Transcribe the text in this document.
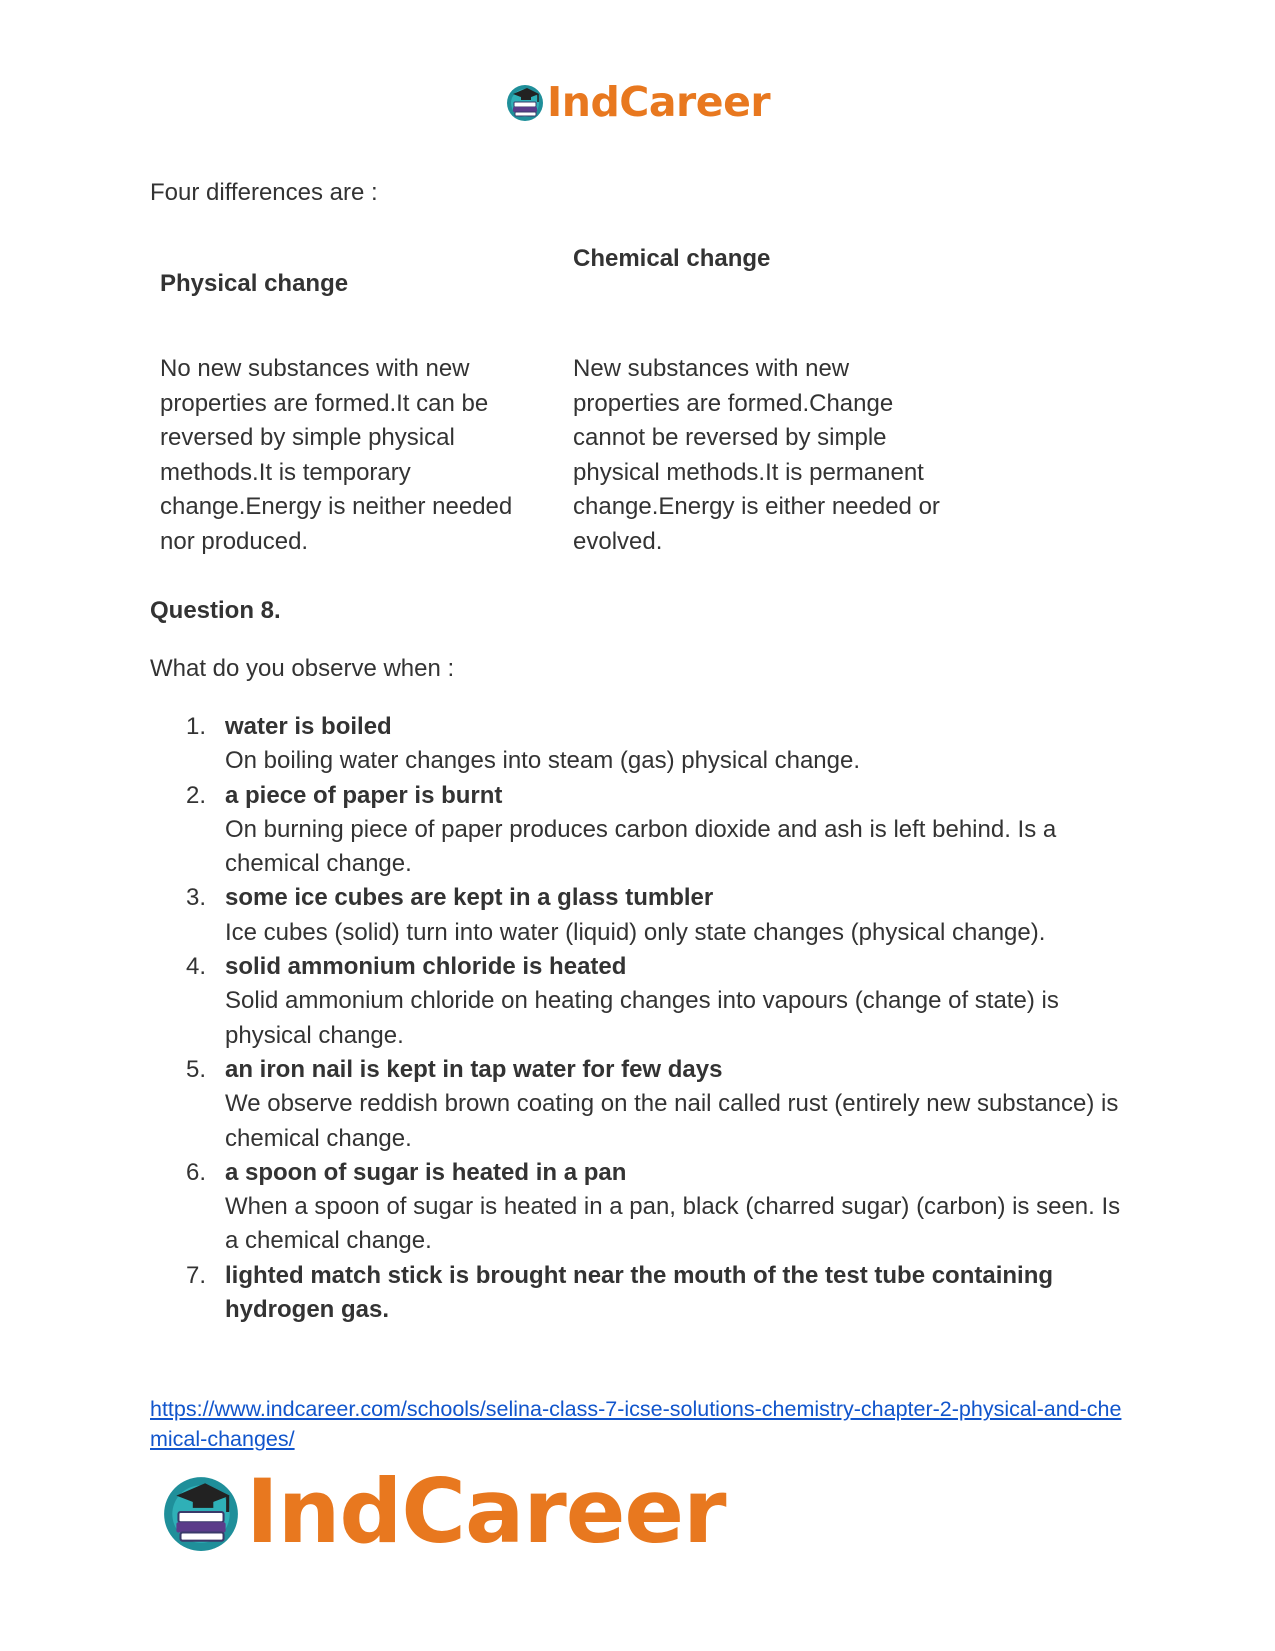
IndCareer
Four differences are :
Physical change
Chemical change
No new substances with new properties are formed.It can be reversed by simple physical methods.It is temporary change.Energy is neither needed nor produced.
New substances with new properties are formed.Change cannot be reversed by simple physical methods.It is permanent change.Energy is either needed or evolved.
Question 8.
What do you observe when :
1. water is boiled
On boiling water changes into steam (gas) physical change.
2. a piece of paper is burnt
On burning piece of paper produces carbon dioxide and ash is left behind. Is a chemical change.
3. some ice cubes are kept in a glass tumbler
Ice cubes (solid) turn into water (liquid) only state changes (physical change).
4. solid ammonium chloride is heated
Solid ammonium chloride on heating changes into vapours (change of state) is physical change.
5. an iron nail is kept in tap water for few days
We observe reddish brown coating on the nail called rust (entirely new substance) is chemical change.
6. a spoon of sugar is heated in a pan
When a spoon of sugar is heated in a pan, black (charred sugar) (carbon) is seen. Is a chemical change.
7. lighted match stick is brought near the mouth of the test tube containing hydrogen gas.
https://www.indcareer.com/schools/selina-class-7-icse-solutions-chemistry-chapter-2-physical-and-chemical-changes/
IndCareer
